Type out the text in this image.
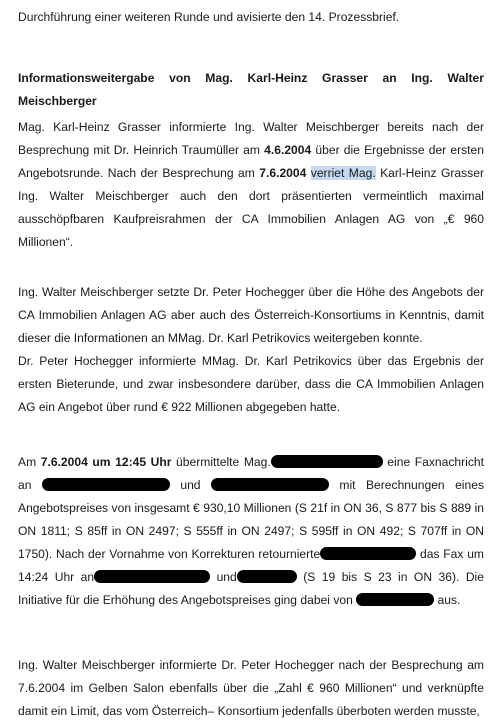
Durchführung einer weiteren Runde und avisierte den 14. Prozessbrief.

Informationsweitergabe von Mag. Karl-Heinz Grasser an Ing. Walter Meischberger

Mag. Karl-Heinz Grasser informierte Ing. Walter Meischberger bereits nach der Besprechung mit Dr. Heinrich Traumüller am 4.6.2004 über die Ergebnisse der ersten Angebotsrunde. Nach der Besprechung am 7.6.2004 verriet Mag. Karl-Heinz Grasser Ing. Walter Meischberger auch den dort präsentierten vermeintlich maximal ausschöpfbaren Kaufpreisrahmen der CA Immobilien Anlagen AG von „€ 960 Millionen“.

Ing. Walter Meischberger setzte Dr. Peter Hochegger über die Höhe des Angebots der CA Immobilien Anlagen AG aber auch des Österreich-Konsortiums in Kenntnis, damit dieser die Informationen an MMag. Dr. Karl Petrikovics weitergeben konnte.

Dr. Peter Hochegger informierte MMag. Dr. Karl Petrikovics über das Ergebnis der ersten Bieterunde, und zwar insbesondere darüber, dass die CA Immobilien Anlagen AG ein Angebot über rund € 922 Millionen abgegeben hatte.

Am 7.6.2004 um 12:45 Uhr übermittelte Mag.	eine Faxnachricht an	und	mit Berechnungen eines Angebotspreises von insgesamt € 930,10 Millionen (S 21f in ON 36, S 877 bis S 889 in ON 1811; S 85ff in ON 2497; S 555ff in ON 2497; S 595ff in ON 492; S 707ff in ON 1750). Nach der Vornahme von Korrekturen retournierte	das Fax um 14:24 Uhr an	und	(S 19 bis S 23 in ON 36). Die Initiative für die Erhöhung des Angebotspreises ging dabei von	aus.

Ing. Walter Meischberger informierte Dr. Peter Hochegger nach der Besprechung am 7.6.2004 im Gelben Salon ebenfalls über die „Zahl € 960 Millionen“ und verknüpfte damit ein Limit, das vom Österreich– Konsortium jedenfalls überboten werden musste,
